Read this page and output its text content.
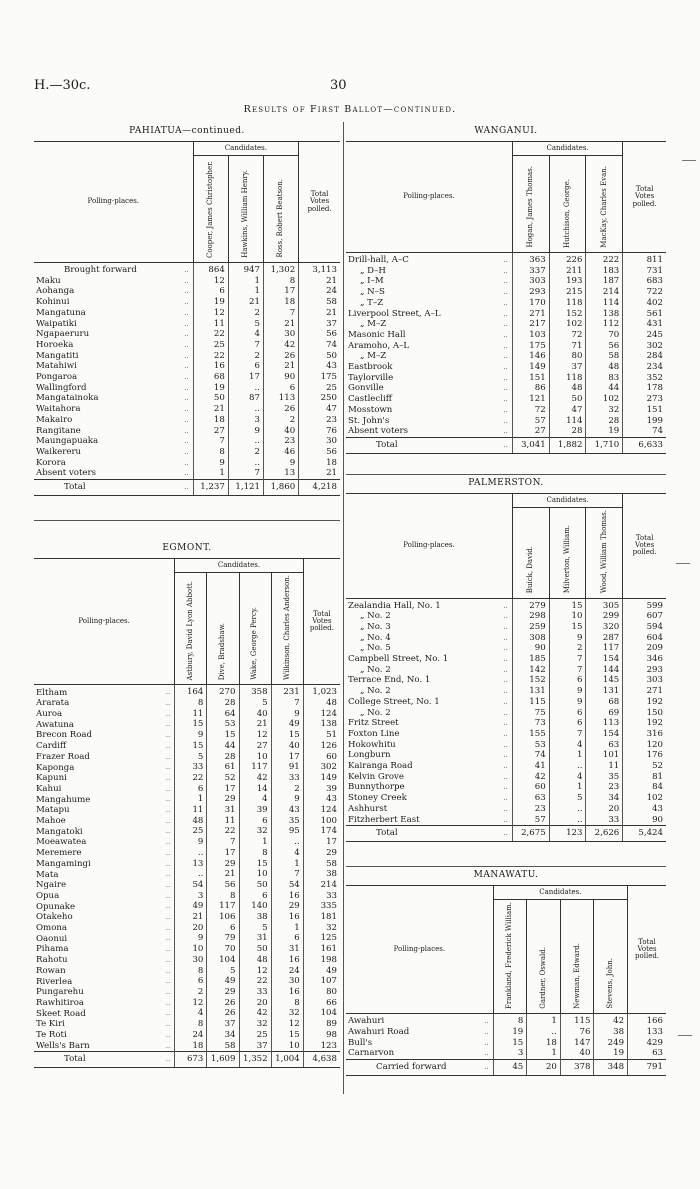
H.—30c.	30
Results of First Ballot—continued.
PAHIATUA—continued.
Polling-places.		Candidates.			Total Votes polled.
		Cooper, James Christopher.	Hawkins, William Henry.	Ross, Robert Beatson.	
Brought forward	..	864	947	1,302	3,113
Maku	..	12	1	8	21
Aohanga	..	6	1	17	24
Kohinui	..	19	21	18	58
Mangatuna	..	12	2	7	21
Waipatiki	..	11	5	21	37
Ngapaeruru	..	22	4	30	56
Horoeka	..	25	7	42	74
Mangatiti	..	22	2	26	50
Matahiwi	..	16	6	21	43
Pongaroa	..	68	17	90	175
Wallingford	..	19	..	6	25
Mangatainoka	..	50	87	113	250
Waitahora	..	21	..	26	47
Makairo	..	18	3	2	23
Rangitane	..	27	9	40	76
Maungapuaka	..	7	..	23	30
Waikereru	..	8	2	46	56
Korora	..	9	..	9	18
Absent voters	..	1	7	13	21
Total	..	1,237	1,121	1,860	4,218
WANGANUI.
Polling-places.		Candidates.			Total Votes polled.
		Hogan, James Thomas.	Hutchison, George.	MacKay, Charles Evan.	
Drill-hall, A–C	..	363	226	222	811
„ D–H	..	337	211	183	731
„ I–M	..	303	193	187	683
„ N–S	..	293	215	214	722
„ T–Z	..	170	118	114	402
Liverpool Street, A–L	..	271	152	138	561
„ M–Z	..	217	102	112	431
Masonic Hall	..	103	72	70	245
Aramoho, A–L	..	175	71	56	302
„ M–Z	..	146	80	58	284
Eastbrook	..	149	37	48	234
Taylorville	..	151	118	83	352
Gonville	..	86	48	44	178
Castlecliff	..	121	50	102	273
Mosstown	..	72	47	32	151
St. John's	..	57	114	28	199
Absent voters	..	27	28	19	74
Total	..	3,041	1,882	1,710	6,633
EGMONT.
Polling-places.		Candidates.				Total Votes polled.
		Astbury, David Lyon Abbott.	Dive, Bradshaw.	Wake, George Percy.	Wilkinson, Charles Anderson.	
Eltham	..	164	270	358	231	1,023
Ararata	..	8	28	5	7	48
Auroa	..	11	64	40	9	124
Awatuna	..	15	53	21	49	138
Brecon Road	..	9	15	12	15	51
Cardiff	..	15	44	27	40	126
Frazer Road	..	5	28	10	17	60
Kaponga	..	33	61	117	91	302
Kapuni	..	22	52	42	33	149
Kahui	..	6	17	14	2	39
Mangahume	..	1	29	4	9	43
Matapu	..	11	31	39	43	124
Mahoe	..	48	11	6	35	100
Mangatoki	..	25	22	32	95	174
Moeawatea	..	9	7	1	..	17
Meremere	..	..	17	8	4	29
Mangamingi	..	13	29	15	1	58
Mata	..	..	21	10	7	38
Ngaire	..	54	56	50	54	214
Opua	..	3	8	6	16	33
Opunake	..	49	117	140	29	335
Otakeho	..	21	106	38	16	181
Omona	..	20	6	5	1	32
Oaonui	..	9	79	31	6	125
Pihama	..	10	70	50	31	161
Rahotu	..	30	104	48	16	198
Rowan	..	8	5	12	24	49
Riverlea	..	6	49	22	30	107
Pungarehu	..	2	29	33	16	80
Rawhitiroa	..	12	26	20	8	66
Skeet Road	..	4	26	42	32	104
Te Kiri	..	8	37	32	12	89
Te Roti	..	24	34	25	15	98
Wells's Barn	..	18	58	37	10	123
Total	..	673	1,609	1,352	1,004	4,638
PALMERSTON.
Polling-places.		Candidates.			Total Votes polled.
		Buick, David.	Milverton, William.	Wood, William Thomas.	
Zealandia Hall, No. 1	..	279	15	305	599
„ No. 2	..	298	10	299	607
„ No. 3	..	259	15	320	594
„ No. 4	..	308	9	287	604
„ No. 5	..	90	2	117	209
Campbell Street, No. 1	..	185	7	154	346
„ No. 2	..	142	7	144	293
Terrace End, No. 1	..	152	6	145	303
„ No. 2	..	131	9	131	271
College Street, No. 1	..	115	9	68	192
„ No. 2	..	75	6	69	150
Fritz Street	..	73	6	113	192
Foxton Line	..	155	7	154	316
Hokowhitu	..	53	4	63	120
Longburn	..	74	1	101	176
Kairanga Road	..	41	..	11	52
Kelvin Grove	..	42	4	35	81
Bunnythorpe	..	60	1	23	84
Stoney Creek	..	63	5	34	102
Ashhurst	..	23	..	20	43
Fitzherbert East	..	57	..	33	90
Total	..	2,675	123	2,626	5,424
MANAWATU.
Polling-places.		Candidates.				Total Votes polled.
		Frankland, Frederick William.	Gardner, Oswald.	Newman, Edward.	Stevens, John.	
Awahuri	..	8	1	115	42	166
Awahuri Road	..	19	..	76	38	133
Bull's	..	15	18	147	249	429
Carnarvon	..	3	1	40	19	63
Carried forward	..	45	20	378	348	791
